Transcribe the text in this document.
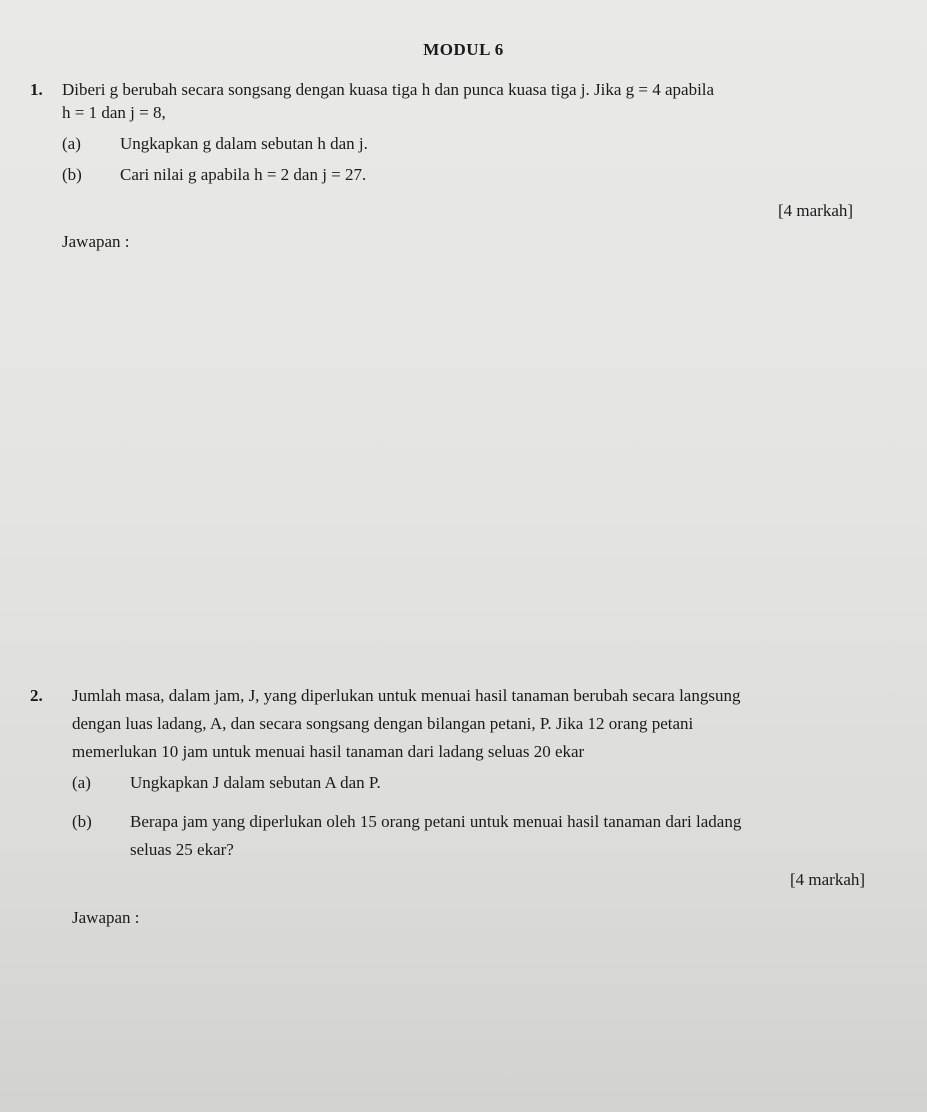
MODUL 6
1. Diberi g berubah secara songsang dengan kuasa tiga h dan punca kuasa tiga j. Jika g = 4 apabila
h = 1 dan j = 8,
(a) Ungkapkan g dalam sebutan h dan j.
(b) Cari nilai g apabila h = 2 dan j = 27.
[4 markah]
Jawapan :
2. Jumlah masa, dalam jam, J, yang diperlukan untuk menuai hasil tanaman berubah secara langsung
dengan luas ladang, A, dan secara songsang dengan bilangan petani, P. Jika 12 orang petani
memerlukan 10 jam untuk menuai hasil tanaman dari ladang seluas 20 ekar
(a) Ungkapkan J dalam sebutan A dan P.
(b) Berapa jam yang diperlukan oleh 15 orang petani untuk menuai hasil tanaman dari ladang
seluas 25 ekar?
[4 markah]
Jawapan :
